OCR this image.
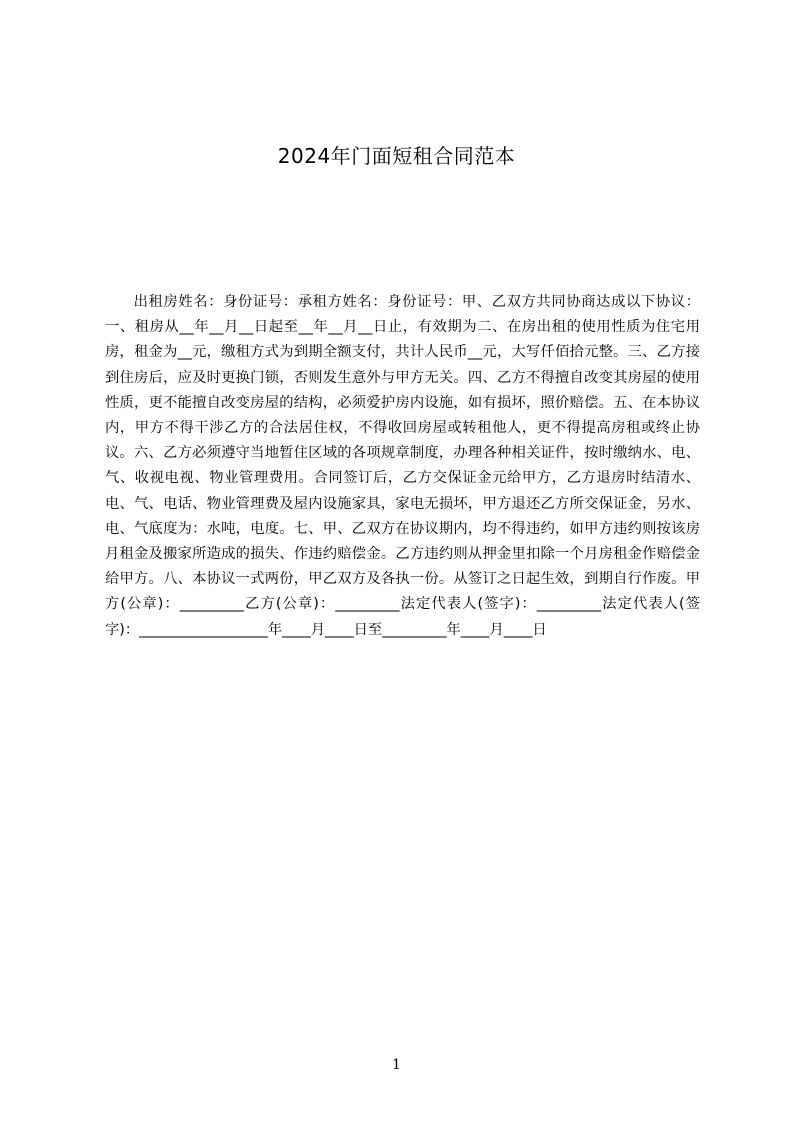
2024年门面短租合同范本
出租房姓名：身份证号：承租方姓名：身份证号：甲、乙双方共同协商达成以下协议：一、租房从__年__月__日起至__年__月__日止，有效期为二、在房出租的使用性质为住宅用房，租金为__元，缴租方式为到期全额支付，共计人民币__元，大写仟佰拾元整。三、乙方接到住房后，应及时更换门锁，否则发生意外与甲方无关。四、乙方不得擅自改变其房屋的使用性质，更不能擅自改变房屋的结构，必须爱护房内设施，如有损坏，照价赔偿。五、在本协议内，甲方不得干涉乙方的合法居住权，不得收回房屋或转租他人，更不得提高房租或终止协议。六、乙方必须遵守当地暂住区域的各项规章制度，办理各种相关证件，按时缴纳水、电、气、收视电视、物业管理费用。合同签订后，乙方交保证金元给甲方，乙方退房时结清水、电、气、电话、物业管理费及屋内设施家具，家电无损坏，甲方退还乙方所交保证金，另水、电、气底度为：水吨，电度。七、甲、乙双方在协议期内，均不得违约，如甲方违约则按该房月租金及搬家所造成的损失、作违约赔偿金。乙方违约则从押金里扣除一个月房租金作赔偿金给甲方。八、本协议一式两份，甲乙双方及各执一份。从签订之日起生效，到期自行作废。甲方(公章)：_________乙方(公章)：_________法定代表人(签字)：_________法定代表人(签字)：__________________年____月____日至_________年____月____日
1
